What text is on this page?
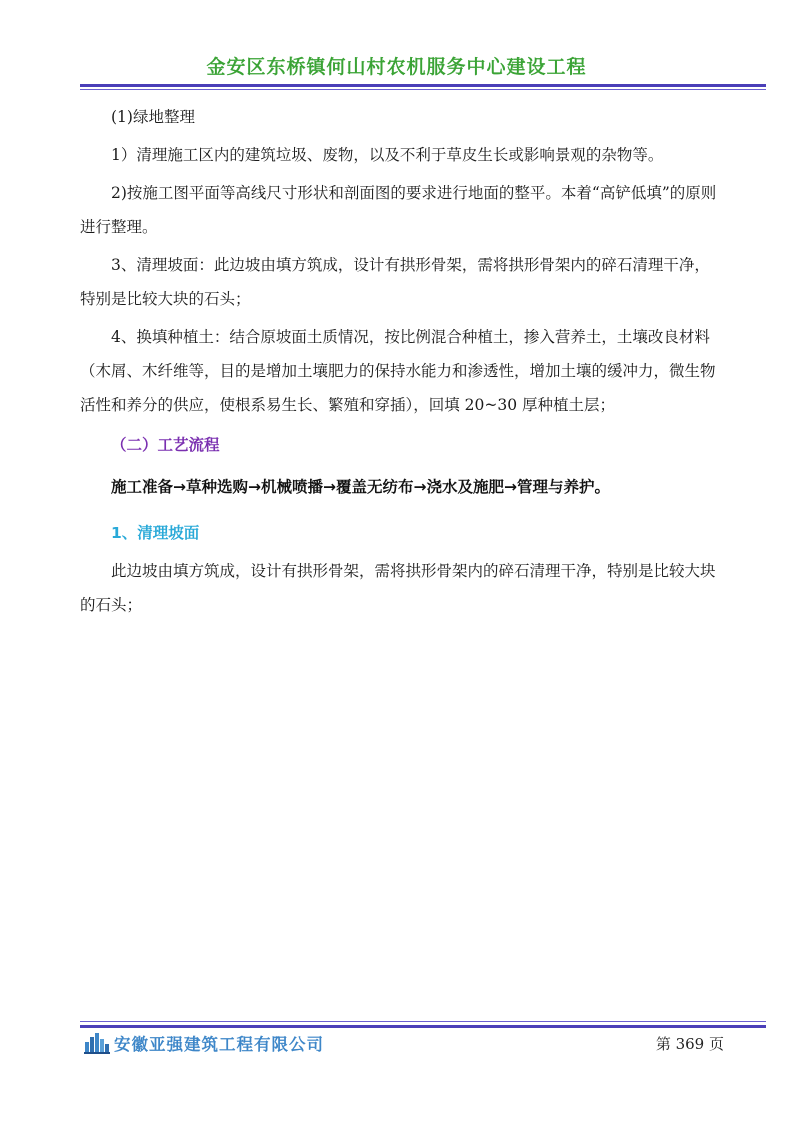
金安区东桥镇何山村农机服务中心建设工程

(1)绿地整理

1）清理施工区内的建筑垃圾、废物，以及不利于草皮生长或影响景观的杂物等。

2)按施工图平面等高线尺寸形状和剖面图的要求进行地面的整平。本着“高铲低填”的原则进行整理。

3、清理坡面：此边坡由填方筑成，设计有拱形骨架，需将拱形骨架内的碎石清理干净，特别是比较大块的石头；

4、换填种植土：结合原坡面土质情况，按比例混合种植土，掺入营养土，土壤改良材料（木屑、木纤维等，目的是增加土壤肥力的保持水能力和渗透性，增加土壤的缓冲力，微生物活性和养分的供应，使根系易生长、繁殖和穿插），回填 20~30 厚种植土层；

（二）工艺流程

施工准备→草种选购→机械喷播→覆盖无纺布→浇水及施肥→管理与养护。

1、清理坡面

此边坡由填方筑成，设计有拱形骨架，需将拱形骨架内的碎石清理干净，特别是比较大块的石头；

安徽亚强建筑工程有限公司	第 369 页
